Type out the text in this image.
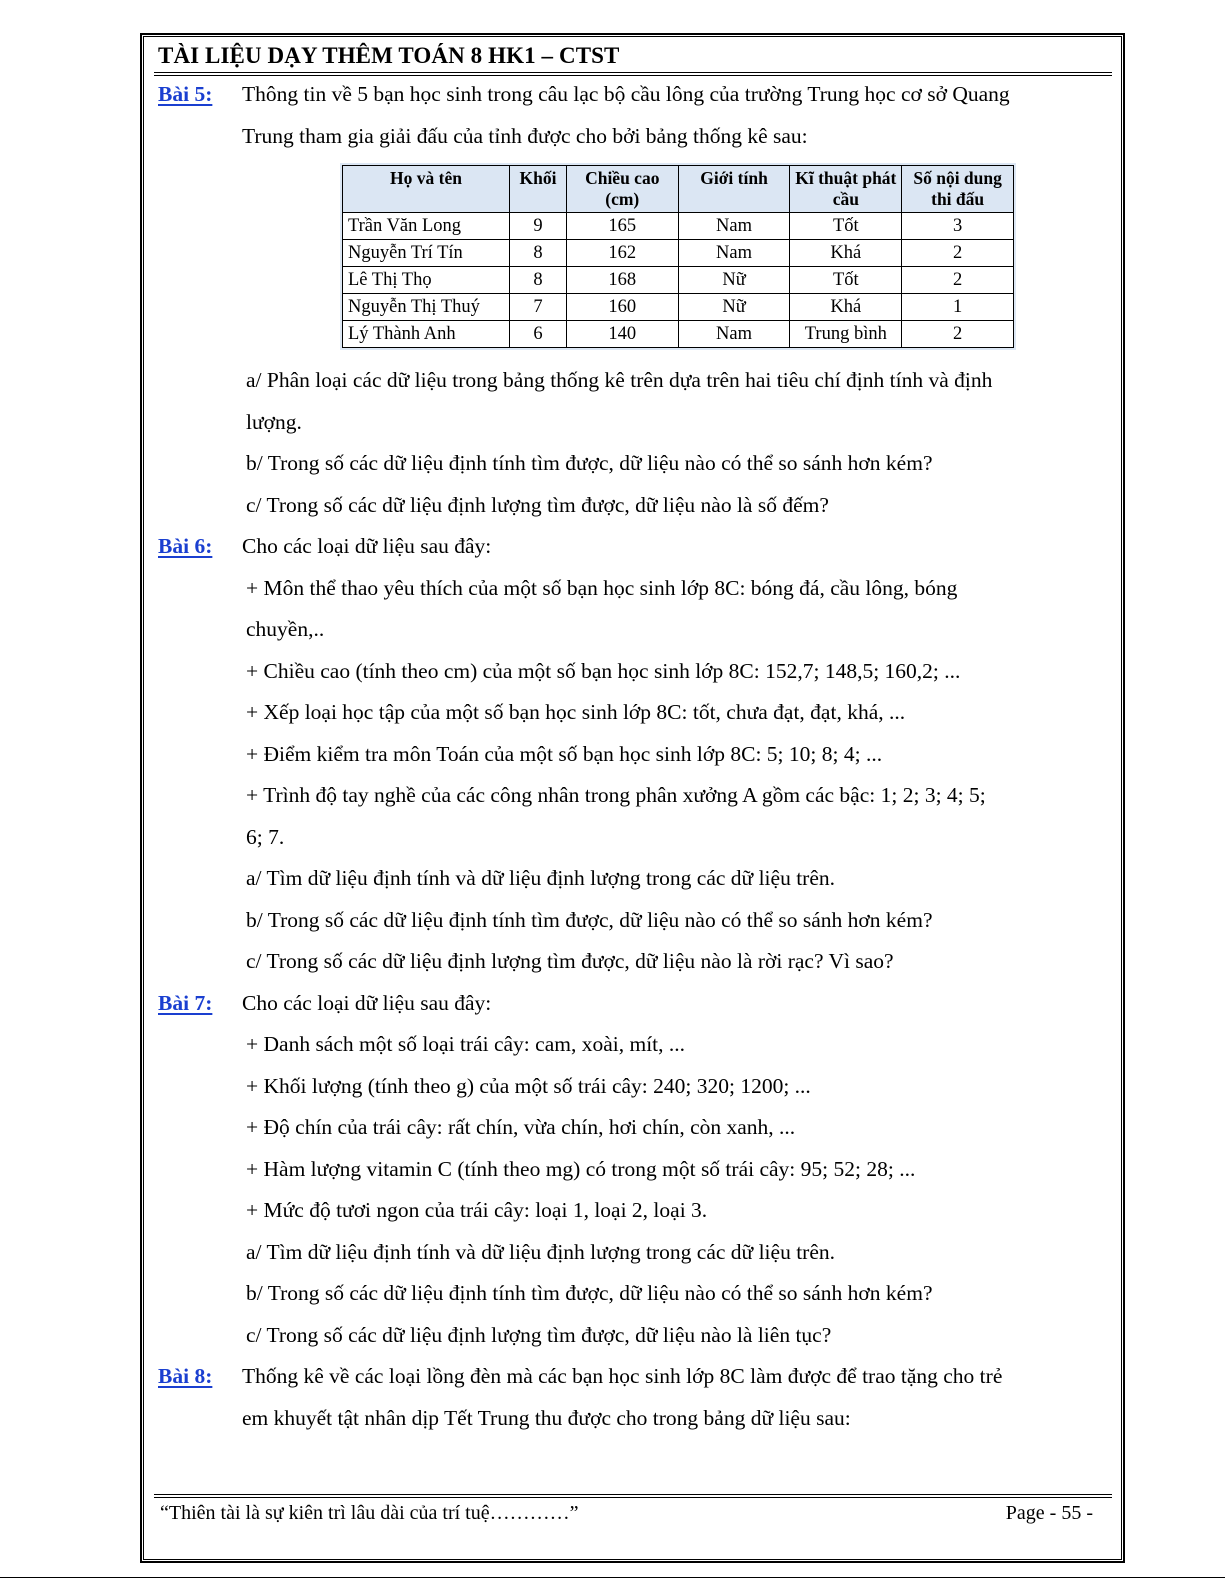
TÀI LIỆU DẠY THÊM TOÁN 8 HK1 – CTST
Bài 5:	Thông tin về 5 bạn học sinh trong câu lạc bộ cầu lông của trường Trung học cơ sở Quang
Trung tham gia giải đấu của tỉnh được cho bởi bảng thống kê sau:
Họ và tên	Khối	Chiều cao (cm)	Giới tính	Kĩ thuật phát cầu	Số nội dung thi đấu
Trần Văn Long	9	165	Nam	Tốt	3
Nguyễn Trí Tín	8	162	Nam	Khá	2
Lê Thị Thọ	8	168	Nữ	Tốt	2
Nguyễn Thị Thuý	7	160	Nữ	Khá	1
Lý Thành Anh	6	140	Nam	Trung bình	2
a/ Phân loại các dữ liệu trong bảng thống kê trên dựa trên hai tiêu chí định tính và định
lượng.
b/ Trong số các dữ liệu định tính tìm được, dữ liệu nào có thể so sánh hơn kém?
c/ Trong số các dữ liệu định lượng tìm được, dữ liệu nào là số đếm?
Bài 6:	Cho các loại dữ liệu sau đây:
+ Môn thể thao yêu thích của một số bạn học sinh lớp 8C: bóng đá, cầu lông, bóng
chuyền,..
+ Chiều cao (tính theo cm) của một số bạn học sinh lớp 8C: 152,7; 148,5; 160,2; ...
+ Xếp loại học tập của một số bạn học sinh lớp 8C: tốt, chưa đạt, đạt, khá, ...
+ Điểm kiểm tra môn Toán của một số bạn học sinh lớp 8C: 5; 10; 8; 4; ...
+ Trình độ tay nghề của các công nhân trong phân xưởng A gồm các bậc: 1; 2; 3; 4; 5;
6; 7.
a/ Tìm dữ liệu định tính và dữ liệu định lượng trong các dữ liệu trên.
b/ Trong số các dữ liệu định tính tìm được, dữ liệu nào có thể so sánh hơn kém?
c/ Trong số các dữ liệu định lượng tìm được, dữ liệu nào là rời rạc? Vì sao?
Bài 7:	Cho các loại dữ liệu sau đây:
+ Danh sách một số loại trái cây: cam, xoài, mít, ...
+ Khối lượng (tính theo g) của một số trái cây: 240; 320; 1200; ...
+ Độ chín của trái cây: rất chín, vừa chín, hơi chín, còn xanh, ...
+ Hàm lượng vitamin C (tính theo mg) có trong một số trái cây: 95; 52; 28; ...
+ Mức độ tươi ngon của trái cây: loại 1, loại 2, loại 3.
a/ Tìm dữ liệu định tính và dữ liệu định lượng trong các dữ liệu trên.
b/ Trong số các dữ liệu định tính tìm được, dữ liệu nào có thể so sánh hơn kém?
c/ Trong số các dữ liệu định lượng tìm được, dữ liệu nào là liên tục?
Bài 8:	Thống kê về các loại lồng đèn mà các bạn học sinh lớp 8C làm được để trao tặng cho trẻ
em khuyết tật nhân dịp Tết Trung thu được cho trong bảng dữ liệu sau:
“Thiên tài là sự kiên trì lâu dài của trí tuệ…………”	Page - 55 -
